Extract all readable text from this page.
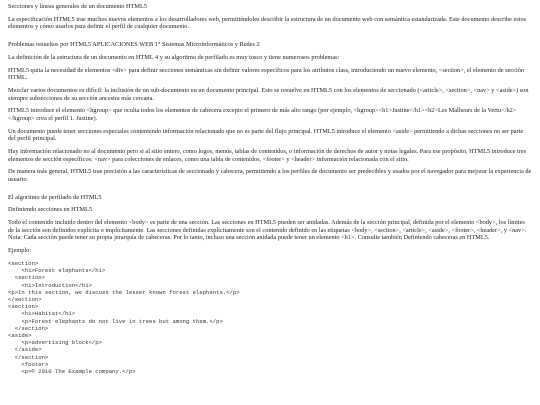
Secciones y líneas generales de un documento HTML5

La especificación HTML5 trae muchos nuevos elementos a los desarrolladores web, permitiéndoles describir la estructura de un documento web con semántica estandarizada. Este documento describe estos elementos y cómo usarlos para definir el perfil de cualquier documento.

Problemas resueltos por HTML5 APLICACIONES WEB 1° Sistemas Microinformáticos y Redes 2

La definición de la estructura de un documento en HTML 4 y su algoritmo de perfilado es muy tosco y tiene numerosos problemas:

HTML5 quita la necesidad de elementos <div> para definir secciones semánticas sin definir valores específicos para los atributos class, introduciendo un nuevo elemento, <section>, el elemento de sección HTML.

Mezclar varios documentos es difícil: la inclusión de un sub-documento en un documento principal. Esto se resuelve en HTML5 con los elementos de seccionado (<article>, <section>, <nav> y <aside>) son siempre subsecciones de su sección ancestra más cercana.

HTML5 introduce el elemento <hgroup> que oculta todos los elementos de cabecera excepto el primero de más alto rango (por ejemplo, <hgroup><h1>Justine</h1><h2>Les Malheurs de la Vertu</h2></hgroup> crea el perfil 1. Justine).

Un documento puede tener secciones especiales conteniendo información relacionado que no es parte del flujo principal. HTML5 introduce el elemento <aside> permitiendo a dichas secciones no ser parte del perfil principal.

Hay información relacionado no al documento pero si al sitio entero, como logos, menús, tablas de contenidos, o información de derechos de autor y notas legales. Para ese propósito, HTML5 introduce tres elementos de sección específicos: <nav> para colecciones de enlaces, como una tabla de contenidos, <footer> y <header> información relacionada con el sitio.

De manera más general, HTML5 trae precisión a las características de seccionado y cabecera, permitiendo a los perfiles de documento ser predecibles y usados por el navegador para mejorar la experiencia de usuario.

El algoritmo de perfilado de HTML5

Definiendo secciones en HTML5

Todo el contenido incluido dentro del elemento <body> es parte de una sección. Las secciones en HTML5 pueden ser anidadas. Además de la sección principal, definida por el elemento <body>, los límites de la sección son definidos explícita o implícitamente. Las secciones definidas explícitamente son el contenido definido en las etiquetas <body>, <section>, <article>, <aside>, <footer>, <header>, y <nav>. Nota: Cada sección puede tener su propia jerarquía de cabeceras. Por lo tanto, incluso una sección anidada puede tener un elemento <h1>. Consulte también Definiendo cabeceras en HTML5.

Ejemplo:

<section>
<h1>Forest elephants</h1>
<section>
<h1>Introduction</h1>
<p>In this section, we discuss the lesser known forest elephants.</p>
</section>
<section>
<h1>Habitat</h1>
<p>Forest elephants do not live in trees but among them.</p>
</section>
<aside>
<p>advertising block</p>
</aside>
</section>
<footer>
<p>© 2010 The Example company.</p>
